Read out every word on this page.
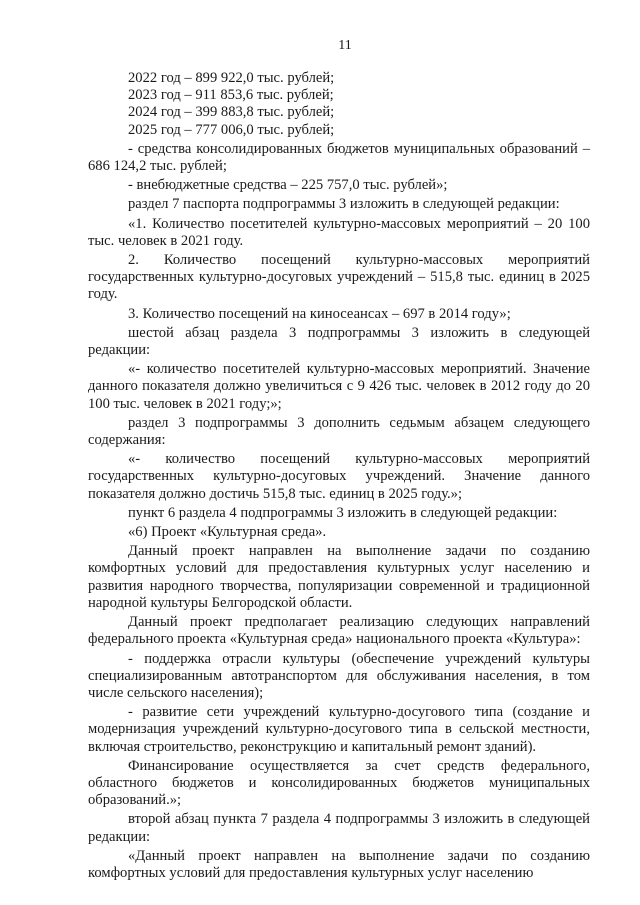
11

2022 год – 899 922,0 тыс. рублей;

2023 год – 911 853,6 тыс. рублей;

2024 год – 399 883,8 тыс. рублей;

2025 год – 777 006,0 тыс. рублей;

- средства консолидированных бюджетов муниципальных образований – 686 124,2 тыс. рублей;

- внебюджетные средства – 225 757,0 тыс. рублей»;

раздел 7 паспорта подпрограммы 3 изложить в следующей редакции:

«1. Количество посетителей культурно-массовых мероприятий – 20 100 тыс. человек в 2021 году.

2. Количество посещений культурно-массовых мероприятий государственных культурно-досуговых учреждений – 515,8 тыс. единиц в 2025 году.

3. Количество посещений на киносеансах – 697 в 2014 году»;

шестой абзац раздела 3 подпрограммы 3 изложить в следующей редакции:

«- количество посетителей культурно-массовых мероприятий. Значение данного показателя должно увеличиться с 9 426 тыс. человек в 2012 году до 20 100 тыс. человек в 2021 году;»;

раздел 3 подпрограммы 3 дополнить седьмым абзацем следующего содержания:

«- количество посещений культурно-массовых мероприятий государственных культурно-досуговых учреждений. Значение данного показателя должно достичь 515,8 тыс. единиц в 2025 году.»;

пункт 6 раздела 4 подпрограммы 3 изложить в следующей редакции:

«6) Проект «Культурная среда».

Данный проект направлен на выполнение задачи по созданию комфортных условий для предоставления культурных услуг населению и развития народного творчества, популяризации современной и традиционной народной культуры Белгородской области.

Данный проект предполагает реализацию следующих направлений федерального проекта «Культурная среда» национального проекта «Культура»:

- поддержка отрасли культуры (обеспечение учреждений культуры специализированным автотранспортом для обслуживания населения, в том числе сельского населения);

- развитие сети учреждений культурно-досугового типа (создание и модернизация учреждений культурно-досугового типа в сельской местности, включая строительство, реконструкцию и капитальный ремонт зданий).

Финансирование осуществляется за счет средств федерального, областного бюджетов и консолидированных бюджетов муниципальных образований.»;

второй абзац пункта 7 раздела 4 подпрограммы 3 изложить в следующей редакции:

«Данный проект направлен на выполнение задачи по созданию комфортных условий для предоставления культурных услуг населению
